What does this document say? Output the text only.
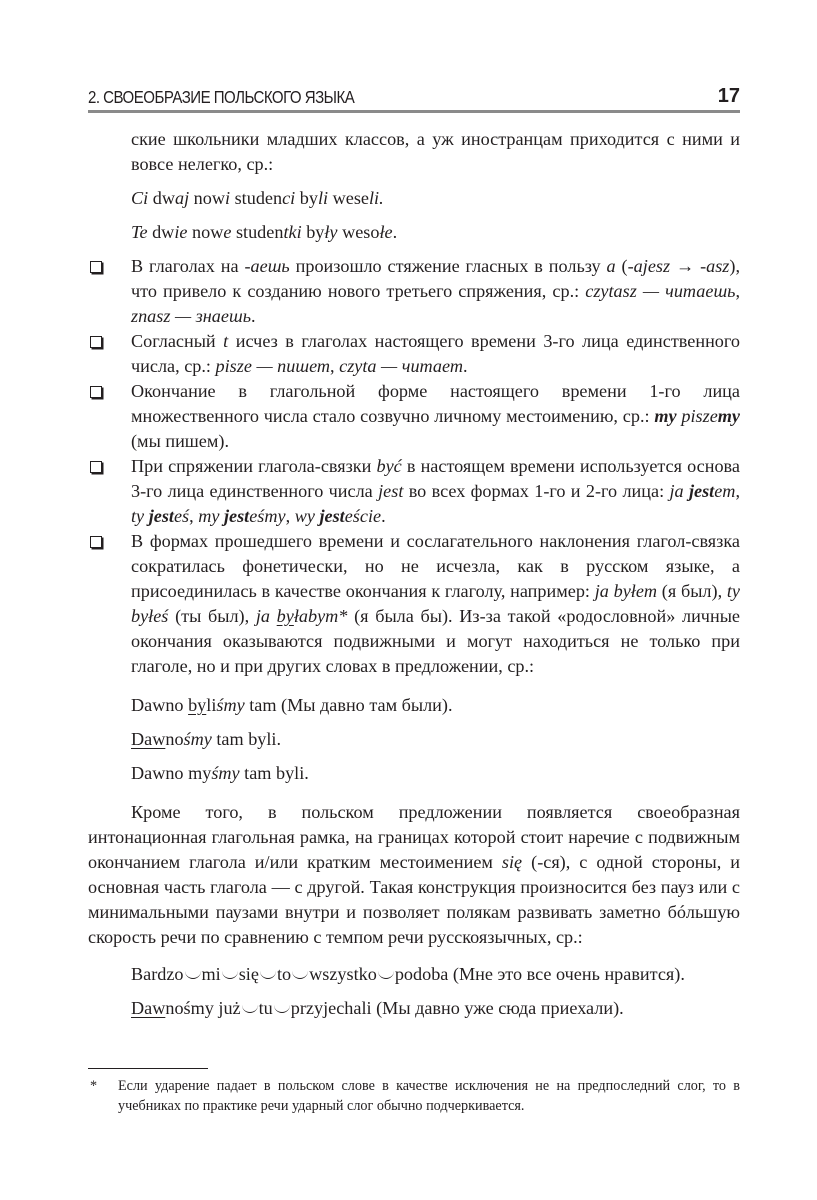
2. СВОЕОБРАЗИЕ ПОЛЬСКОГО ЯЗЫКА	17

ские школьники младших классов, а уж иностранцам приходится с ними и вовсе нелегко, ср.:

Ci dwaj nowi studenci byli weseli.

Te dwie nowe studentki były wesołe.

В глаголах на -аешь произошло стяжение гласных в пользу a (-ajesz → -asz), что привело к созданию нового третьего спряжения, ср.: czytasz — читаешь, znasz — знаешь.
Согласный t исчез в глаголах настоящего времени 3-го лица единственного числа, ср.: pisze — пишет, czyta — читает.
Окончание в глагольной форме настоящего времени 1-го лица множественного числа стало созвучно личному местоимению, ср.: my piszemy (мы пишем).
При спряжении глагола-связки być в настоящем времени используется основа 3-го лица единственного числа jest во всех формах 1-го и 2-го лица: ja jestem, ty jesteś, my jesteśmy, wy jesteście.
В формах прошедшего времени и сослагательного наклонения глагол-связка сократилась фонетически, но не исчезла, как в русском языке, а присоединилась в качестве окончания к глаголу, например: ja byłem (я был), ty byłeś (ты был), ja byłabym* (я была бы). Из-за такой «родословной» личные окончания оказываются подвижными и могут находиться не только при глаголе, но и при других словах в предложении, ср.:

Dawno byliśmy tam (Мы давно там были).

Dawnośmy tam byli.

Dawno myśmy tam byli.

Кроме того, в польском предложении появляется своеобразная интонационная глагольная рамка, на границах которой стоит наречие с подвижным окончанием глагола и/или кратким местоимением się (-ся), с одной стороны, и основная часть глагола — с другой. Такая конструкция произносится без пауз или с минимальными паузами внутри и позволяет полякам развивать заметно бóльшую скорость речи по сравнению с темпом речи русскоязычных, ср.:

Bardzo mi się to wszystko podoba (Мне это все очень нравится).

Dawnośmy już tu przyjechali (Мы давно уже сюда приехали).

*	Если ударение падает в польском слове в качестве исключения не на предпоследний слог, то в учебниках по практике речи ударный слог обычно подчеркивается.
